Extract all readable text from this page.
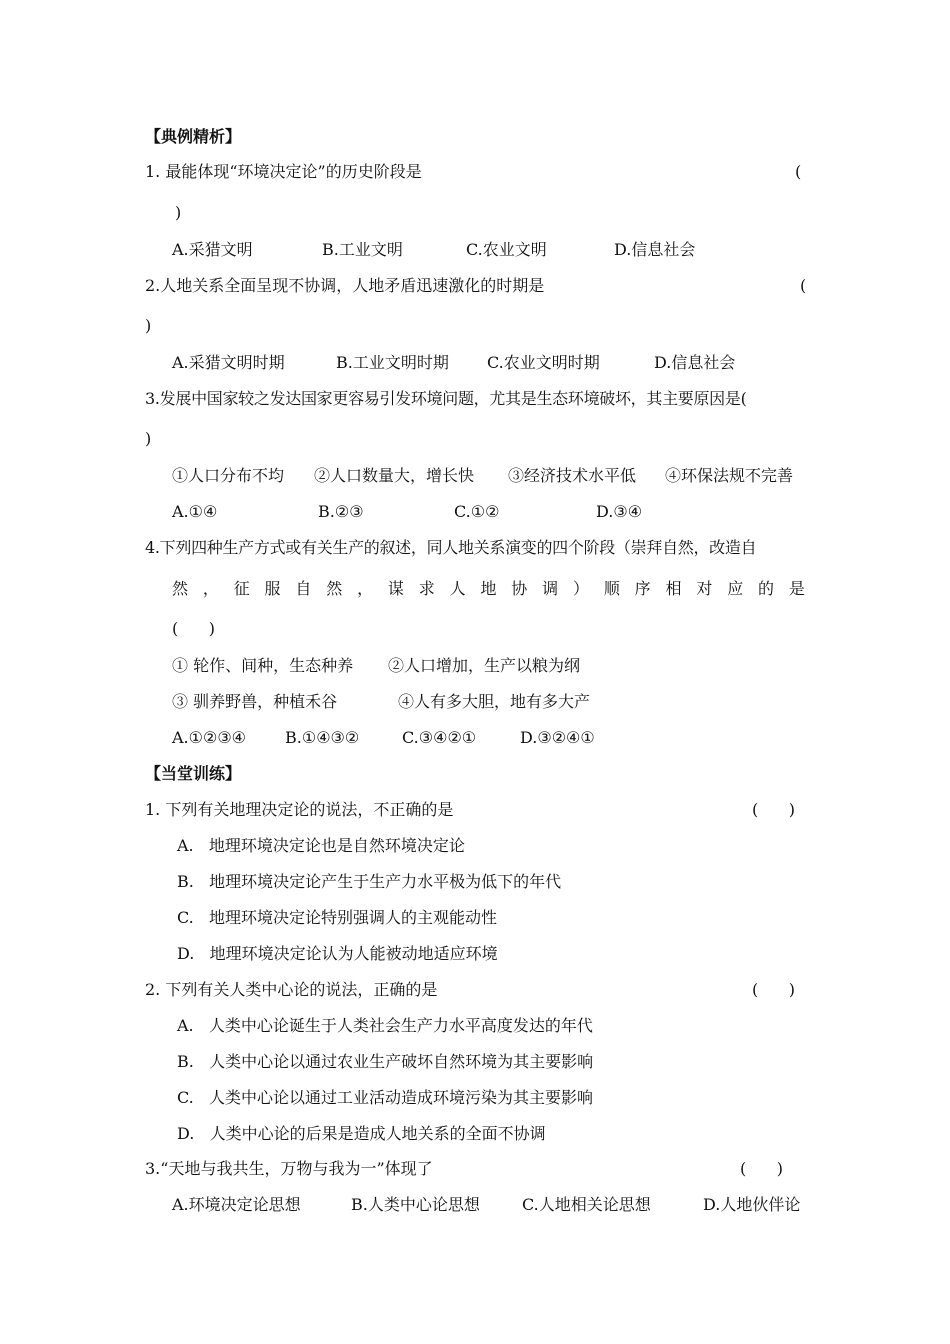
【典例精析】
1. 最能体现“环境决定论”的历史阶段是	(
)
A.采猎文明	B.工业文明	C.农业文明	D.信息社会
2.人地关系全面呈现不协调，人地矛盾迅速激化的时期是	(
)
A.采猎文明时期	B.工业文明时期 C.农业文明时期	D.信息社会
3.发展中国家较之发达国家更容易引发环境问题，尤其是生态环境破坏，其主要原因是(
)
①人口分布不均 ②人口数量大，增长快 ③经济技术水平低 ④环保法规不完善
A.①④	B.②③	C.①②	D.③④
4.下列四种生产方式或有关生产的叙述，同人地关系演变的四个阶段（崇拜自然，改造自
然 ， 征 服 自 然 ， 谋 求 人 地 协 调 ） 顺 序 相 对 应 的 是
(      )
① 轮作、间种，生态种养 ②人口增加，生产以粮为纲
③ 驯养野兽，种植禾谷	④人有多大胆，地有多大产
A.①②③④ B.①④③②	C.③④②①	D.③②④①
【当堂训练】
1. 下列有关地理决定论的说法，不正确的是	(      )
A.   地理环境决定论也是自然环境决定论
B.   地理环境决定论产生于生产力水平极为低下的年代
C.   地理环境决定论特别强调人的主观能动性
D.   地理环境决定论认为人能被动地适应环境
2. 下列有关人类中心论的说法，正确的是	(      )
A.   人类中心论诞生于人类社会生产力水平高度发达的年代
B.   人类中心论以通过农业生产破坏自然环境为其主要影响
C.   人类中心论以通过工业活动造成环境污染为其主要影响
D.   人类中心论的后果是造成人地关系的全面不协调
3.“天地与我共生，万物与我为一”体现了	(      )
A.环境决定论思想	B.人类中心论思想	C.人地相关论思想	D.人地伙伴论
